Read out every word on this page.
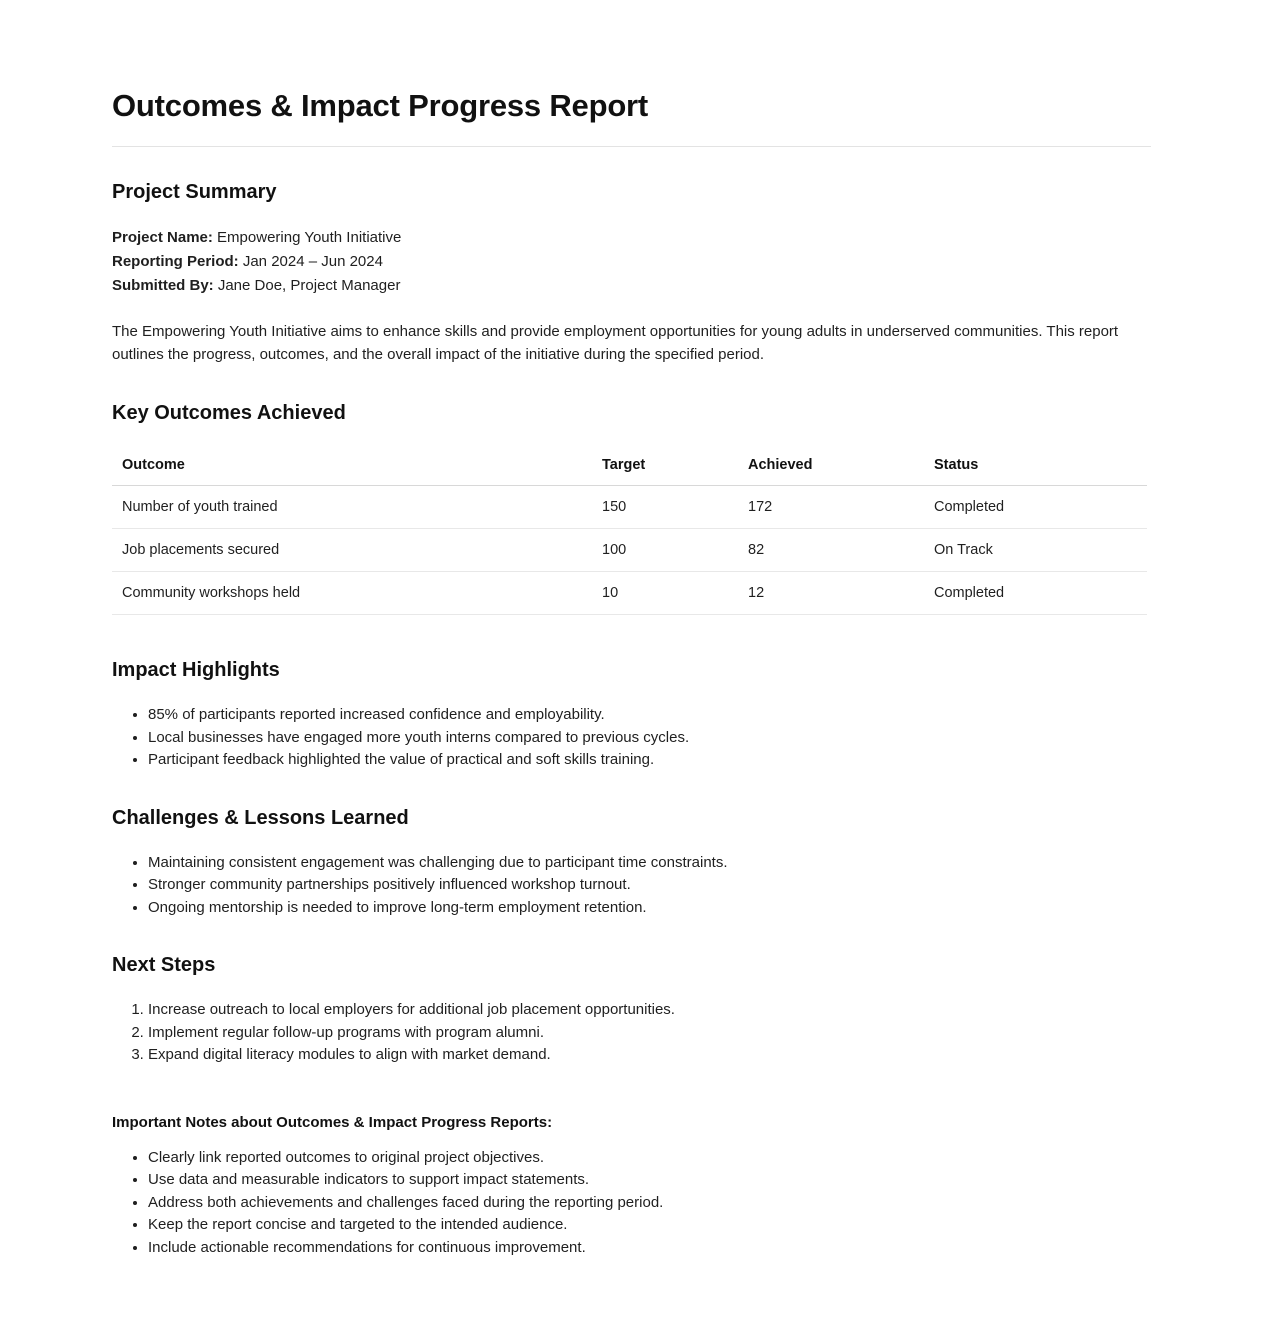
Outcomes & Impact Progress Report
Project Summary
Project Name: Empowering Youth Initiative
Reporting Period: Jan 2024 – Jun 2024
Submitted By: Jane Doe, Project Manager

The Empowering Youth Initiative aims to enhance skills and provide employment opportunities for young adults in underserved communities. This report outlines the progress, outcomes, and the overall impact of the initiative during the specified period.

Key Outcomes Achieved
Outcome	Target	Achieved	Status
Number of youth trained	150	172	Completed
Job placements secured	100	82	On Track
Community workshops held	10	12	Completed
Impact Highlights
• 85% of participants reported increased confidence and employability.
• Local businesses have engaged more youth interns compared to previous cycles.
• Participant feedback highlighted the value of practical and soft skills training.
Challenges & Lessons Learned
• Maintaining consistent engagement was challenging due to participant time constraints.
• Stronger community partnerships positively influenced workshop turnout.
• Ongoing mentorship is needed to improve long-term employment retention.
Next Steps
1. Increase outreach to local employers for additional job placement opportunities.
2. Implement regular follow-up programs with program alumni.
3. Expand digital literacy modules to align with market demand.

Important Notes about Outcomes & Impact Progress Reports:

• Clearly link reported outcomes to original project objectives.
• Use data and measurable indicators to support impact statements.
• Address both achievements and challenges faced during the reporting period.
• Keep the report concise and targeted to the intended audience.
• Include actionable recommendations for continuous improvement.
